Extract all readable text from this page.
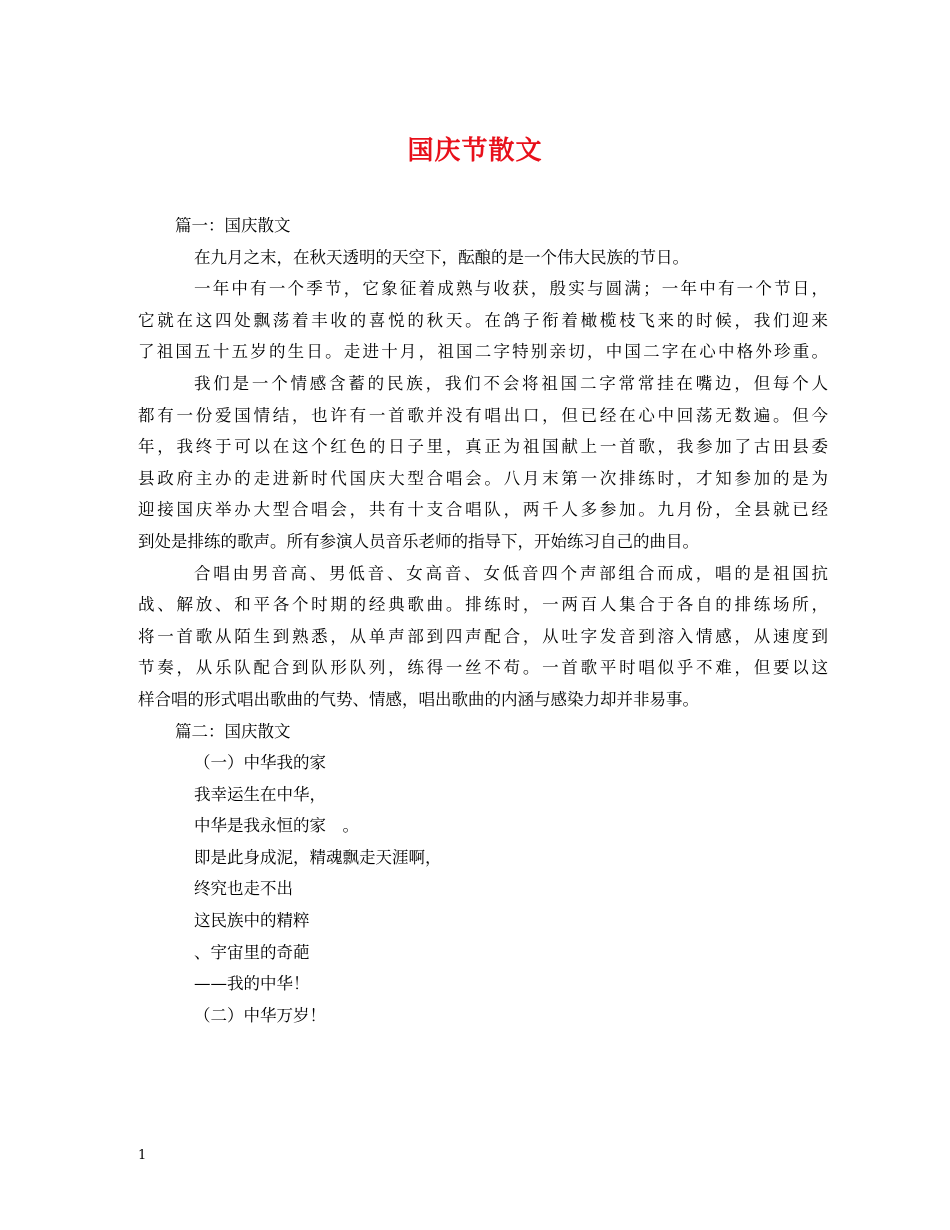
国庆节散文
篇一：国庆散文
在九月之末，在秋天透明的天空下，酝酿的是一个伟大民族的节日。
一年中有一个季节，它象征着成熟与收获，殷实与圆满；一年中有一个节日，
它就在这四处飘荡着丰收的喜悦的秋天。在鸽子衔着橄榄枝飞来的时候，我们迎来
了祖国五十五岁的生日。走进十月，祖国二字特别亲切，中国二字在心中格外珍重。
我们是一个情感含蓄的民族，我们不会将祖国二字常常挂在嘴边，但每个人
都有一份爱国情结，也许有一首歌并没有唱出口，但已经在心中回荡无数遍。但今
年，我终于可以在这个红色的日子里，真正为祖国献上一首歌，我参加了古田县委
县政府主办的走进新时代国庆大型合唱会。八月末第一次排练时，才知参加的是为
迎接国庆举办大型合唱会，共有十支合唱队，两千人多参加。九月份，全县就已经
到处是排练的歌声。所有参演人员音乐老师的指导下，开始练习自己的曲目。
合唱由男音高、男低音、女高音、女低音四个声部组合而成，唱的是祖国抗
战、解放、和平各个时期的经典歌曲。排练时，一两百人集合于各自的排练场所，
将一首歌从陌生到熟悉，从单声部到四声配合，从吐字发音到溶入情感，从速度到
节奏，从乐队配合到队形队列，练得一丝不苟。一首歌平时唱似乎不难，但要以这
样合唱的形式唱出歌曲的气势、情感，唱出歌曲的内涵与感染力却并非易事。
篇二：国庆散文
（一）中华我的家
我幸运生在中华，
中华是我永恒的家　。
即是此身成泥，精魂飘走天涯啊，
终究也走不出
这民族中的精粹
、宇宙里的奇葩
——我的中华！
（二）中华万岁！
1
